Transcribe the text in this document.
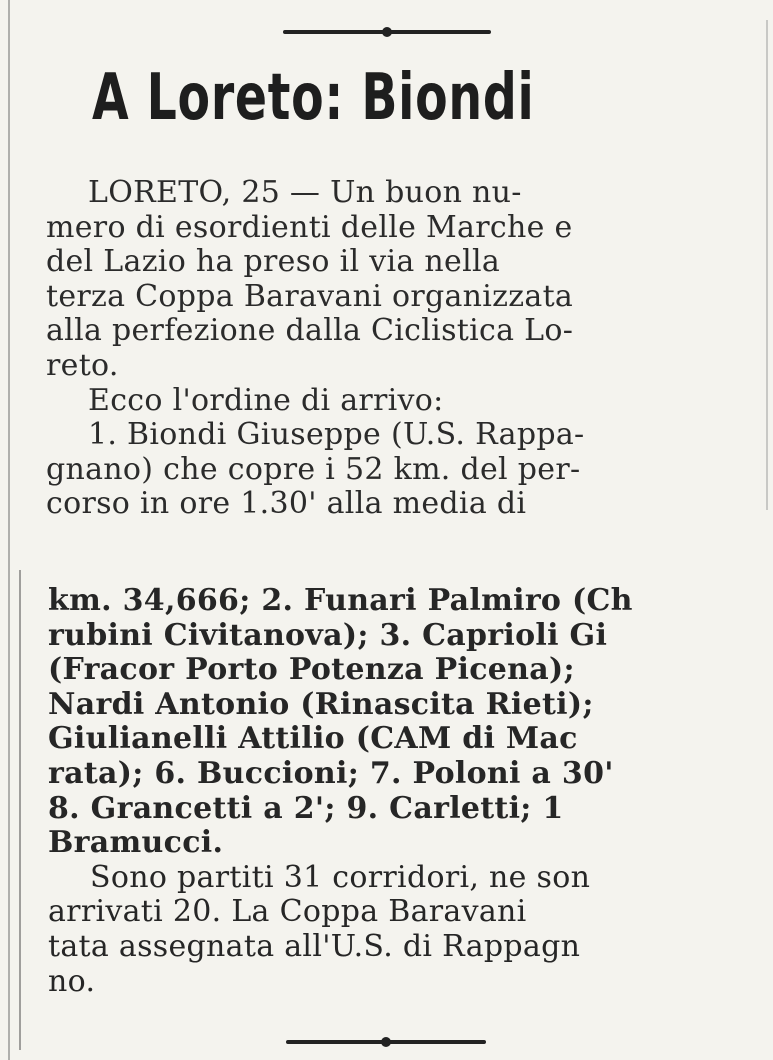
A Loreto: Biondi

LORETO, 25 — Un buon nu-
mero di esordienti delle Marche e
del Lazio ha preso il via nella
terza Coppa Baravani organizzata
alla perfezione dalla Ciclistica Lo-
reto.
Ecco l'ordine di arrivo:
1. Biondi Giuseppe (U.S. Rappa-
gnano) che copre i 52 km. del per-
corso in ore 1.30' alla media di

km. 34,666; 2. Funari Palmiro (Ch
rubini Civitanova); 3. Caprioli Gi
(Fracor Porto Potenza Picena);
Nardi Antonio (Rinascita Rieti);
Giulianelli Attilio (CAM di Mac
rata); 6. Buccioni; 7. Poloni a 30'
8. Grancetti a 2'; 9. Carletti; 1
Bramucci.
Sono partiti 31 corridori, ne son
arrivati 20. La Coppa Baravani
tata assegnata all'U.S. di Rappagn
no.
